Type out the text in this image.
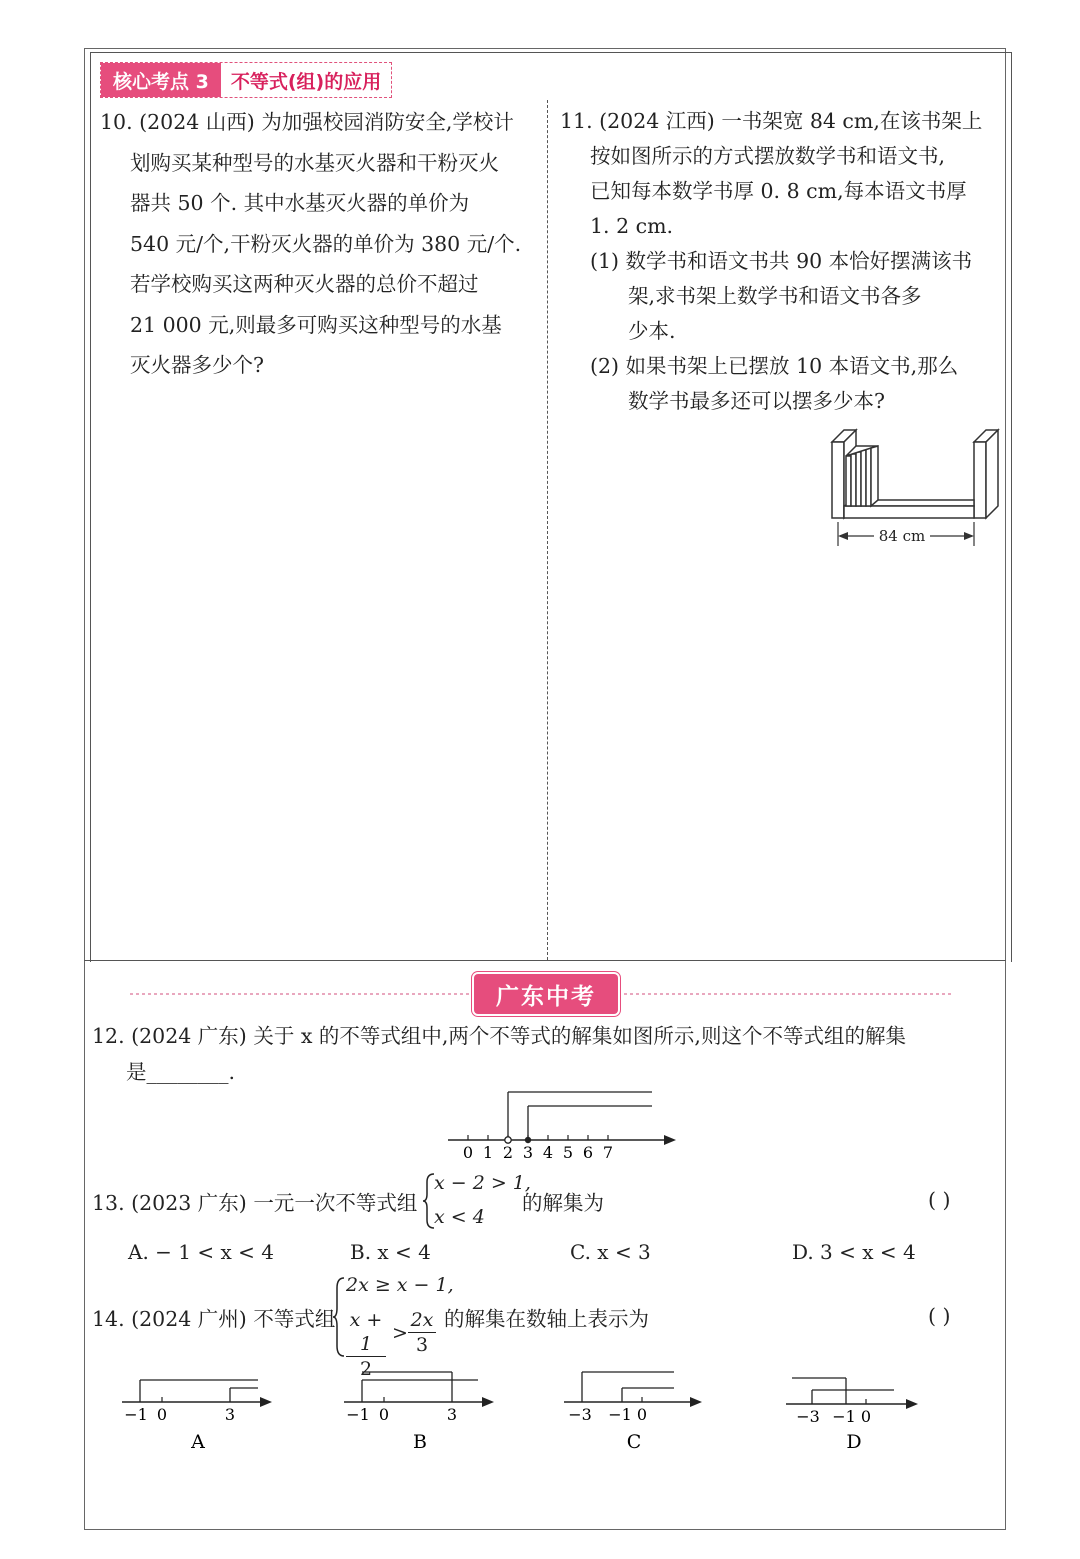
核心考点 3	不等式(组)的应用

10. (2024 山西) 为加强校园消防安全,学校计

划购买某种型号的水基灭火器和干粉灭火

器共 50 个. 其中水基灭火器的单价为

540 元/个,干粉灭火器的单价为 380 元/个.

若学校购买这两种灭火器的总价不超过

21 000 元,则最多可购买这种型号的水基

灭火器多少个?

11. (2024 江西) 一书架宽 84 cm,在该书架上

按如图所示的方式摆放数学书和语文书,

已知每本数学书厚 0. 8 cm,每本语文书厚

1. 2 cm.

(1) 数学书和语文书共 90 本恰好摆满该书

架,求书架上数学书和语文书各多

少本.

(2) 如果书架上已摆放 10 本语文书,那么

数学书最多还可以摆多少本?

84 cm
广东中考

12. (2024 广东) 关于 x 的不等式组中,两个不等式的解集如图所示,则这个不等式组的解集

是________.

0 1 2 3 4 5 6 7
13. (2023 广东) 一元一次不等式组
x − 2 > 1,
x < 4
的解集为	( )
A. − 1 < x < 4	B. x < 4	C. x < 3	D. 3 < x < 4
14. (2024 广州) 不等式组
2x ≥ x − 1,
$\frac{x + 1}{2} > \frac{2x}{3}$ 的解集在数轴上表示为	( )
−1 0	3
A
−1 0	3
B
−3 −1 0
C
−3 −1 0
D
